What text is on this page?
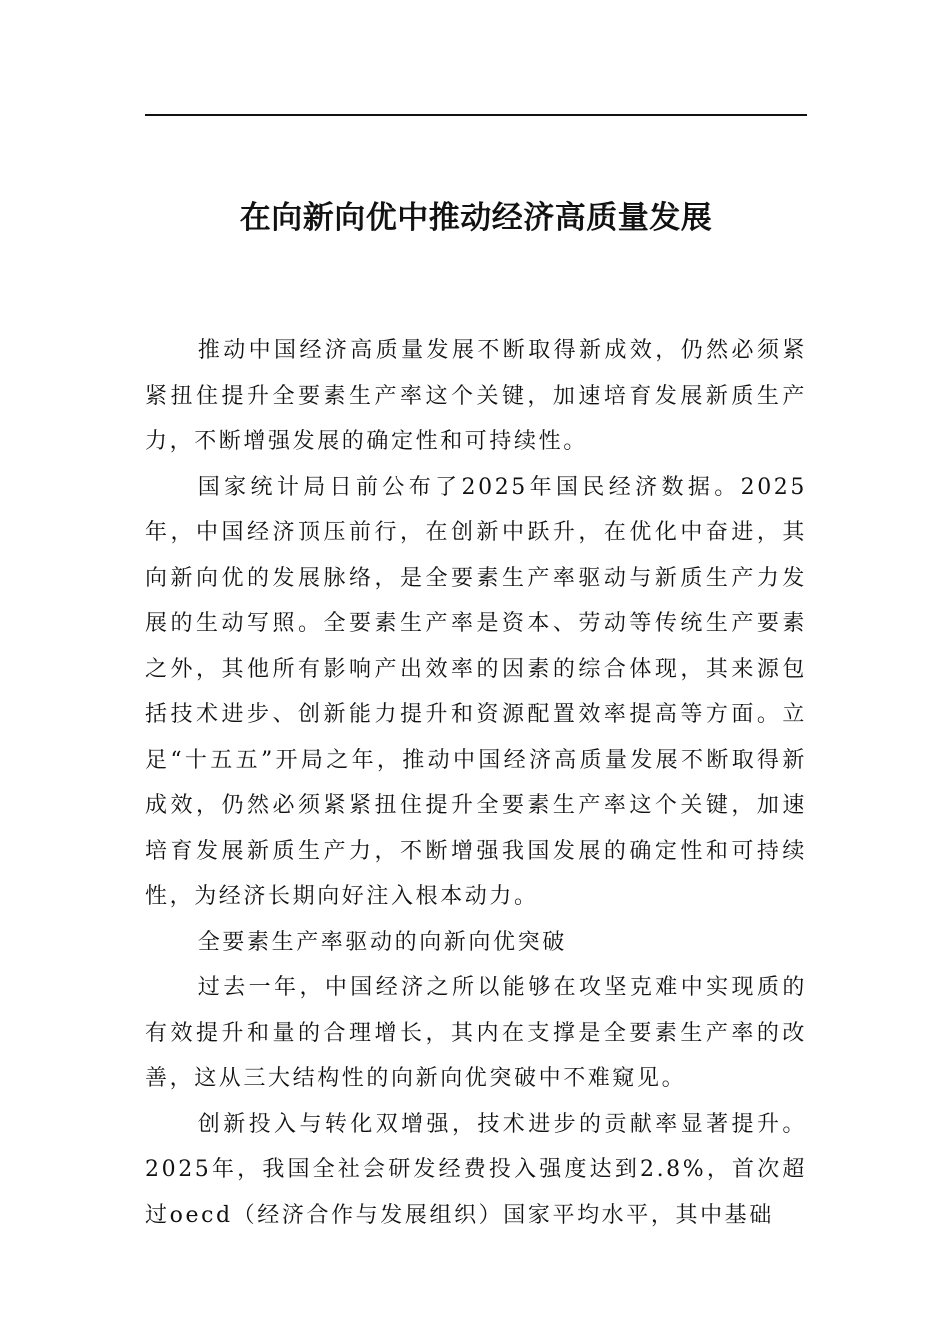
在向新向优中推动经济高质量发展

推动中国经济高质量发展不断取得新成效，仍然必须紧紧扭住提升全要素生产率这个关键，加速培育发展新质生产力，不断增强发展的确定性和可持续性。

国家统计局日前公布了2025年国民经济数据。2025年，中国经济顶压前行，在创新中跃升，在优化中奋进，其向新向优的发展脉络，是全要素生产率驱动与新质生产力发展的生动写照。全要素生产率是资本、劳动等传统生产要素之外，其他所有影响产出效率的因素的综合体现，其来源包括技术进步、创新能力提升和资源配置效率提高等方面。立足“十五五”开局之年，推动中国经济高质量发展不断取得新成效，仍然必须紧紧扭住提升全要素生产率这个关键，加速培育发展新质生产力，不断增强我国发展的确定性和可持续性，为经济长期向好注入根本动力。

全要素生产率驱动的向新向优突破

过去一年，中国经济之所以能够在攻坚克难中实现质的有效提升和量的合理增长，其内在支撑是全要素生产率的改善，这从三大结构性的向新向优突破中不难窥见。

创新投入与转化双增强，技术进步的贡献率显著提升。2025年，我国全社会研发经费投入强度达到2.8%，首次超过oecd（经济合作与发展组织）国家平均水平，其中基础
